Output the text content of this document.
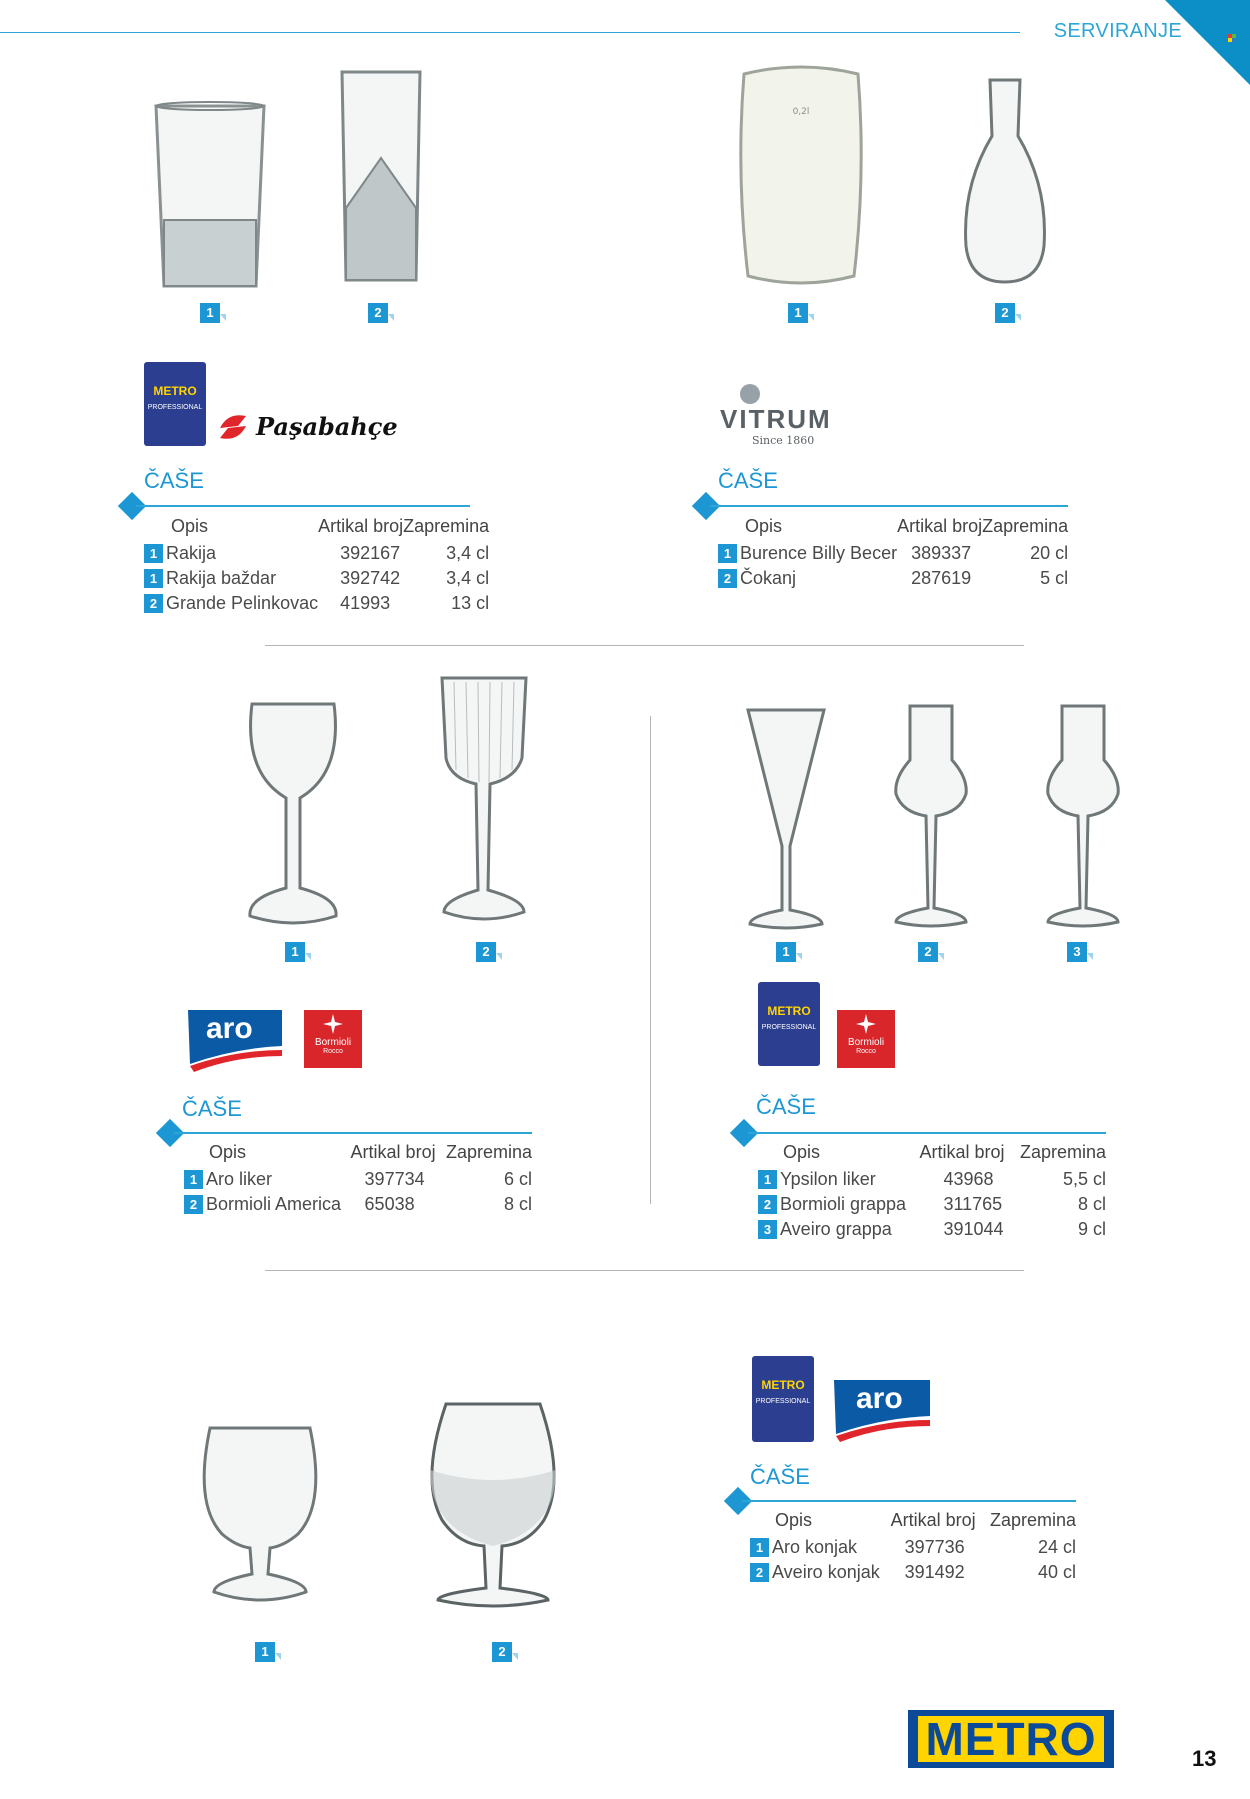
SERVIRANJE
1	2
0,2l
1	2
METRO
PROFESSIONAL
Paşabahçe	VITRUM
Since 1860
ČAŠE
Opis	Artikal broj	Zapremina
1 Rakija	392167	3,4 cl
1 Rakija baždar	392742	3,4 cl
2 Grande Pelinkovac	41993	13 cl
ČAŠE
Opis	Artikal broj	Zapremina
1 Burence Billy Becer	389337	20 cl
2 Čokanj	287619	5 cl
1	2	1	2	3
aro	Bormioli
Rocco
METRO
PROFESSIONAL
Bormioli
Rocco
ČAŠE
Opis	Artikal broj	Zapremina
1 Aro liker	397734	6 cl
2 Bormioli America	65038	8 cl
ČAŠE
Opis	Artikal broj	Zapremina
1 Ypsilon liker	43968	5,5 cl
2 Bormioli grappa	311765	8 cl
3 Aveiro grappa	391044	9 cl
1	2
METRO
PROFESSIONAL aro
ČAŠE
Opis	Artikal broj	Zapremina
1 Aro konjak	397736	24 cl
2 Aveiro konjak	391492	40 cl
METRO	13
